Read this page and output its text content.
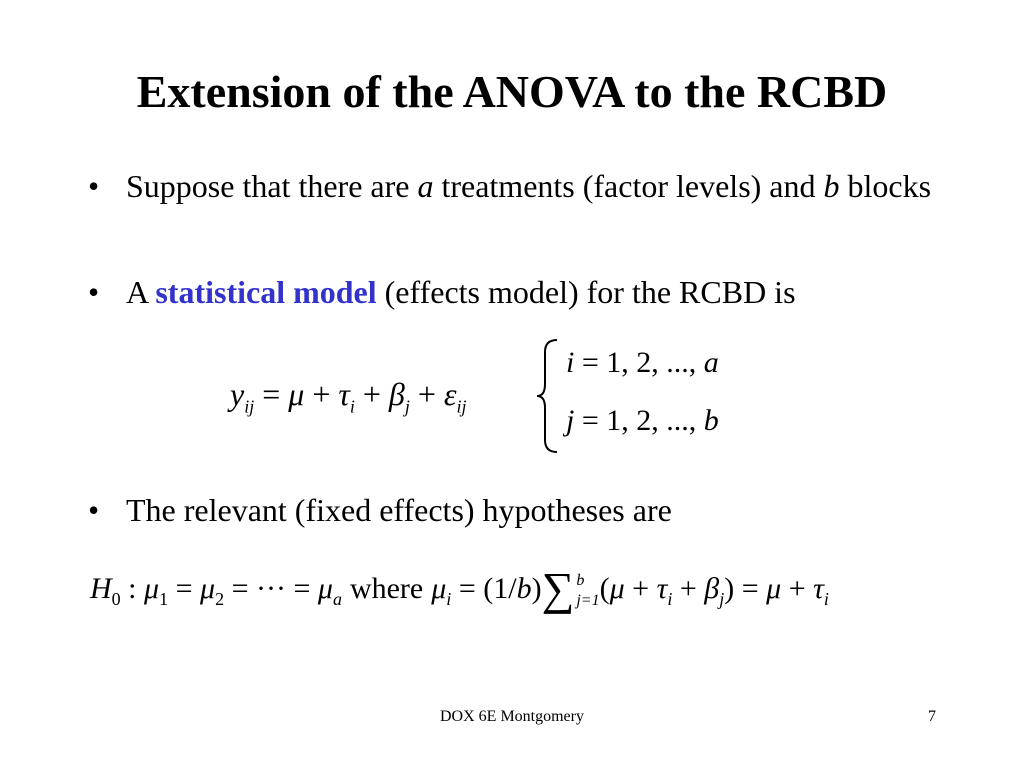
Extension of the ANOVA to the RCBD
• Suppose that there are a treatments (factor levels) and b blocks
• A statistical model (effects model) for the RCBD is
$y_{ij} = \mu + \tau_i + \beta_j + \varepsilon_{ij}$
i = 1, 2, ..., a
j = 1, 2, ..., b
• The relevant (fixed effects) hypotheses are
$H_0$ : $\mu_1 = \mu_2$ = ··· = $\mu_a$ where $\mu_i = (1/b)\sum$ b
j=1 $(\mu + \tau_i + \beta_j) = \mu + \tau_i$
DOX 6E Montgomery	7
